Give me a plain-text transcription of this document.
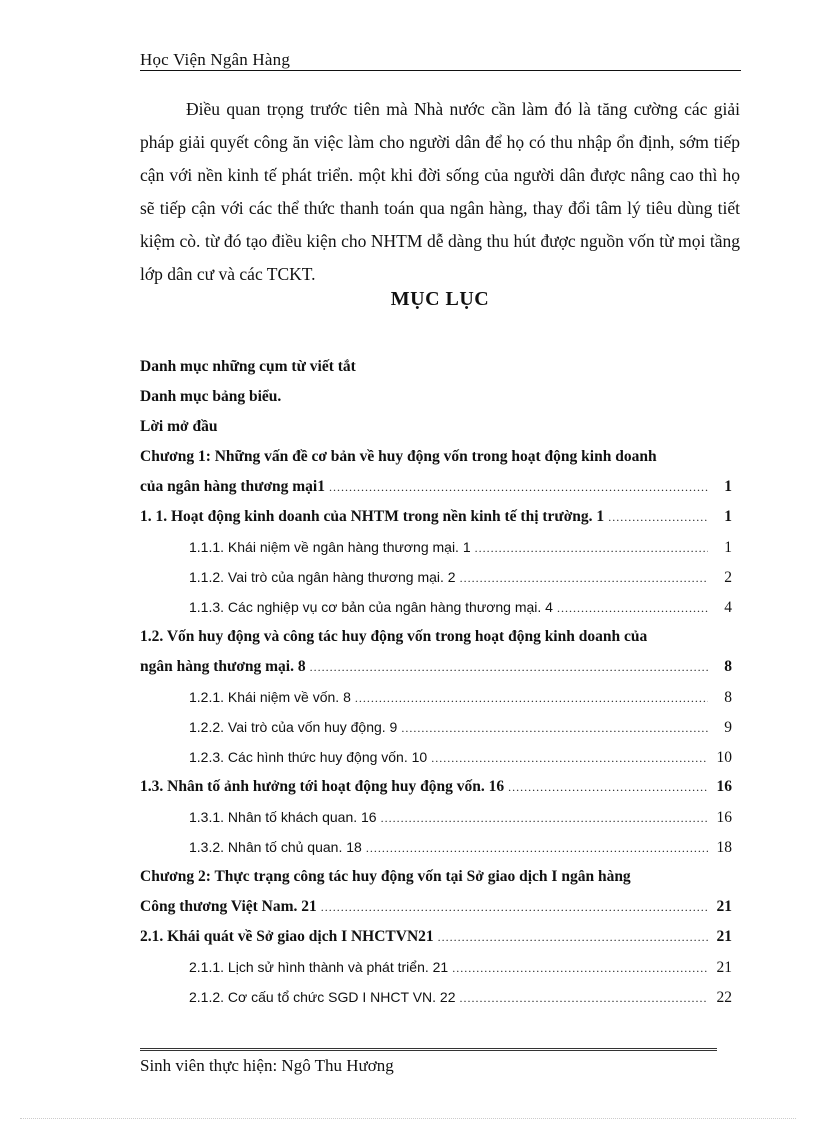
Học Viện Ngân Hàng

Điều quan trọng trước tiên mà Nhà nước cần làm đó là tăng cường các giải pháp giải quyết công ăn việc làm cho người dân để họ có thu nhập ổn định, sớm tiếp cận với nền kinh tế phát triển. một khi đời sống của người dân được nâng cao thì họ sẽ tiếp cận với các thể thức thanh toán qua ngân hàng, thay đổi tâm lý tiêu dùng tiết kiệm cò. từ đó tạo điều kiện cho NHTM dễ dàng thu hút được nguồn vốn từ mọi tầng lớp dân cư và các TCKT.

MỤC LỤC
Danh mục những cụm từ viết tắt
Danh mục bảng biểu.
Lời mở đầu
Chương 1: Những vấn đề cơ bản về huy động vốn trong hoạt động kinh doanh
của ngân hàng thương mại1 .....	1
1. 1. Hoạt động kinh doanh của NHTM trong nền kinh tế thị trường. 1 .....	1
1.1.1. Khái niệm về ngân hàng thương mại. 1 .....	1
1.1.2. Vai trò của ngân hàng thương mại. 2 .....	2
1.1.3. Các nghiệp vụ cơ bản của ngân hàng thương mại. 4 .....	4
1.2. Vốn huy động và công tác huy động vốn trong hoạt động kinh doanh của
ngân hàng thương mại. 8 .....	8
1.2.1. Khái niệm về vốn. 8 .....	8
1.2.2. Vai trò của vốn huy động. 9 .....	9
1.2.3. Các hình thức huy động vốn. 10 .....	10
1.3. Nhân tố ảnh hưởng tới hoạt động huy động vốn. 16 .....	16
1.3.1. Nhân tố khách quan. 16 .....	16
1.3.2. Nhân tố chủ quan. 18 .....	18
Chương 2: Thực trạng công tác huy động vốn tại Sở giao dịch I ngân hàng
Công thương Việt Nam. 21 .....	21
2.1. Khái quát về Sở giao dịch I NHCTVN21 .....	21
2.1.1. Lịch sử hình thành và phát triển. 21 .....	21
2.1.2. Cơ cấu tổ chức SGD I NHCT VN. 22 .....	22
Sinh viên thực hiện: Ngô Thu Hương
